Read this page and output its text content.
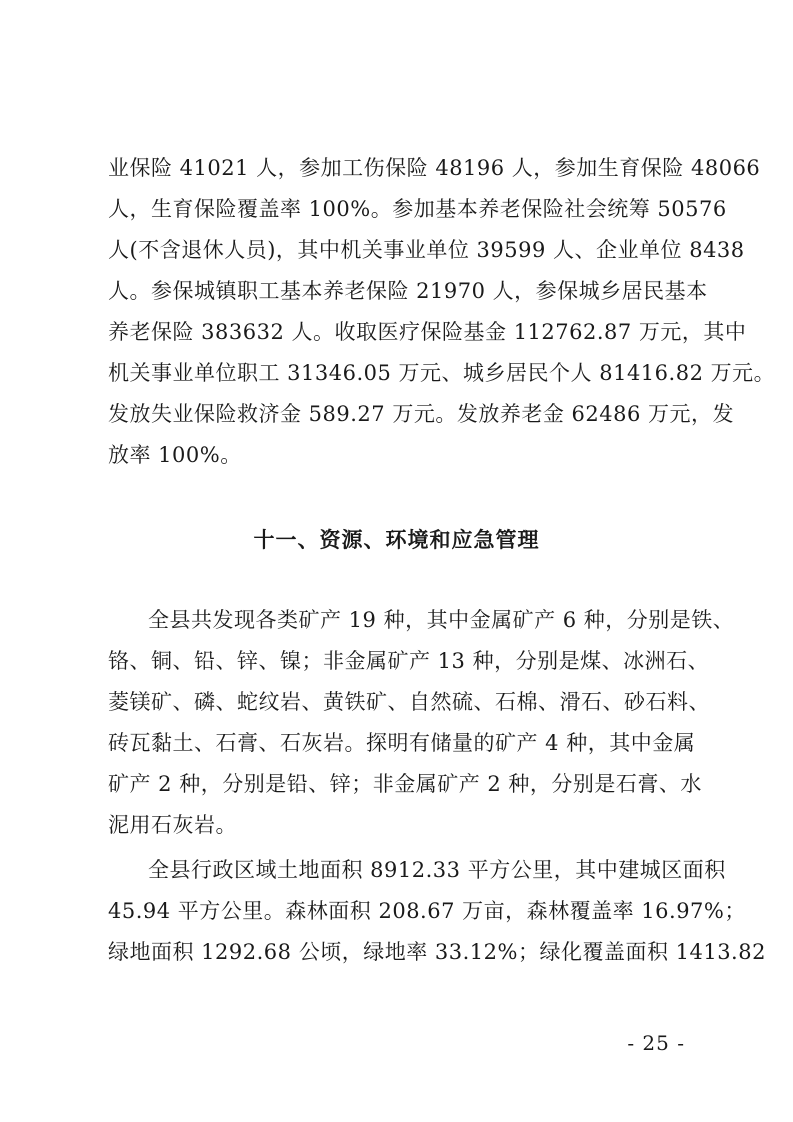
业保险 41021 人，参加工伤保险 48196 人，参加生育保险 48066
人，生育保险覆盖率 100%。参加基本养老保险社会统筹 50576
人(不含退休人员)，其中机关事业单位 39599 人、企业单位 8438
人。参保城镇职工基本养老保险 21970 人，参保城乡居民基本
养老保险 383632 人。收取医疗保险基金 112762.87 万元，其中
机关事业单位职工 31346.05 万元、城乡居民个人 81416.82 万元。
发放失业保险救济金 589.27 万元。发放养老金 62486 万元，发
放率 100%。
十一、资源、环境和应急管理
全县共发现各类矿产 19 种，其中金属矿产 6 种，分别是铁、
铬、铜、铅、锌、镍；非金属矿产 13 种，分别是煤、冰洲石、
菱镁矿、磷、蛇纹岩、黄铁矿、自然硫、石棉、滑石、砂石料、
砖瓦黏土、石膏、石灰岩。探明有储量的矿产 4 种，其中金属
矿产 2 种，分别是铅、锌；非金属矿产 2 种，分别是石膏、水
泥用石灰岩。
全县行政区域土地面积 8912.33 平方公里，其中建城区面积
45.94 平方公里。森林面积 208.67 万亩，森林覆盖率 16.97%；
绿地面积 1292.68 公顷，绿地率 33.12%；绿化覆盖面积 1413.82
- 25 -
